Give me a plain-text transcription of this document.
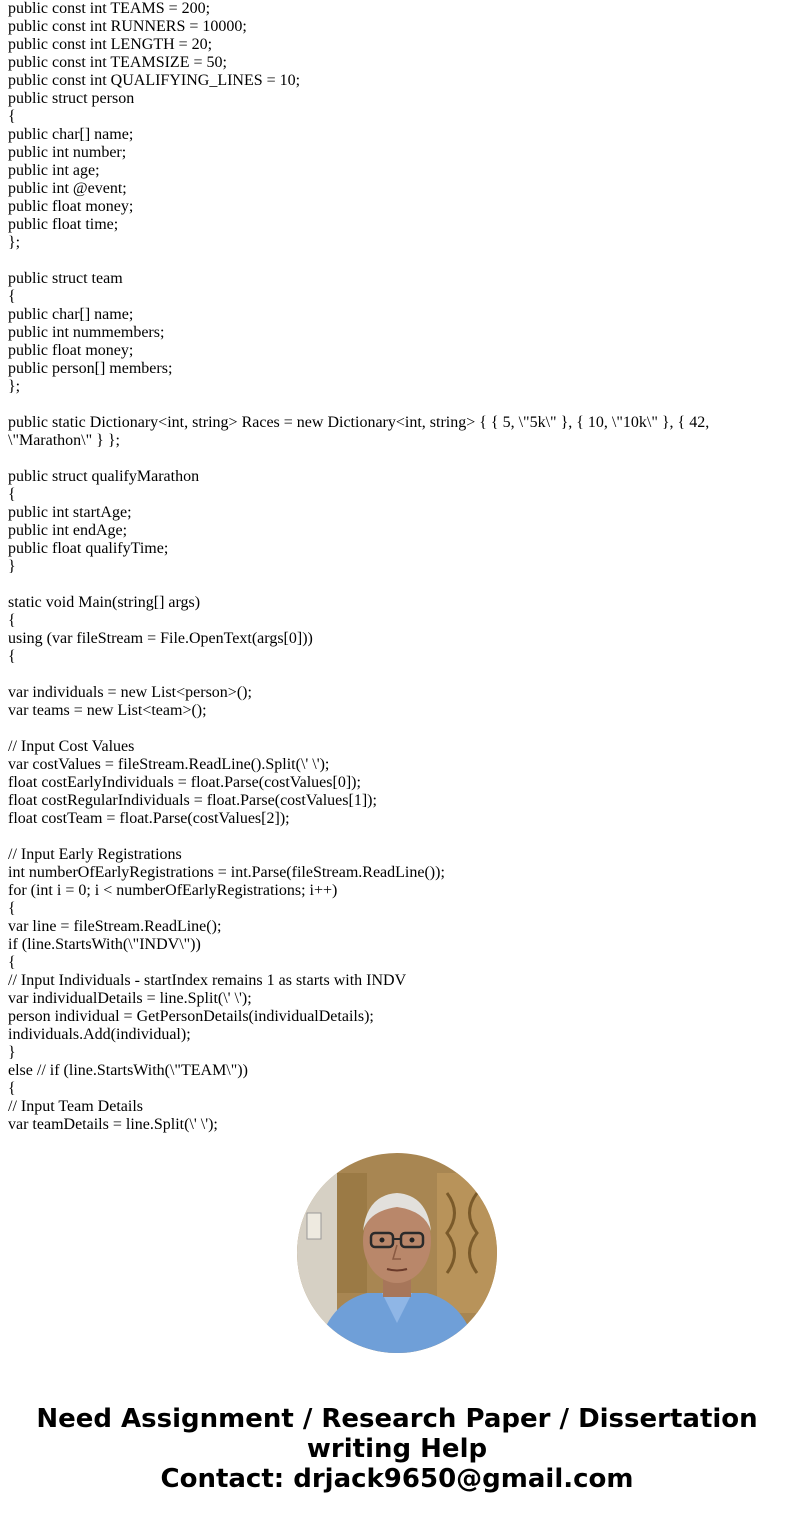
public const int TEAMS = 200;
public const int RUNNERS = 10000;
public const int LENGTH = 20;
public const int TEAMSIZE = 50;
public const int QUALIFYING_LINES = 10;
public struct person
{
public char[] name;
public int number;
public int age;
public int @event;
public float money;
public float time;
};
public struct team
{
public char[] name;
public int nummembers;
public float money;
public person[] members;
};
public static Dictionary<int, string> Races = new Dictionary<int, string> { { 5, \"5k\" }, { 10, \"10k\" }, { 42, \"Marathon\" } };
public struct qualifyMarathon
{
public int startAge;
public int endAge;
public float qualifyTime;
}
static void Main(string[] args)
{
using (var fileStream = File.OpenText(args[0]))
{
var individuals = new List<person>();
var teams = new List<team>();
// Input Cost Values
var costValues = fileStream.ReadLine().Split(\' \');
float costEarlyIndividuals = float.Parse(costValues[0]);
float costRegularIndividuals = float.Parse(costValues[1]);
float costTeam = float.Parse(costValues[2]);
// Input Early Registrations
int numberOfEarlyRegistrations = int.Parse(fileStream.ReadLine());
for (int i = 0; i < numberOfEarlyRegistrations; i++)
{
var line = fileStream.ReadLine();
if (line.StartsWith(\"INDV\"))
{
// Input Individuals - startIndex remains 1 as starts with INDV
var individualDetails = line.Split(\' \');
person individual = GetPersonDetails(individualDetails);
individuals.Add(individual);
}
else // if (line.StartsWith(\"TEAM\"))
{
// Input Team Details
var teamDetails = line.Split(\' \');
Need Assignment / Research Paper / Dissertation
writing Help
Contact: drjack9650@gmail.com
